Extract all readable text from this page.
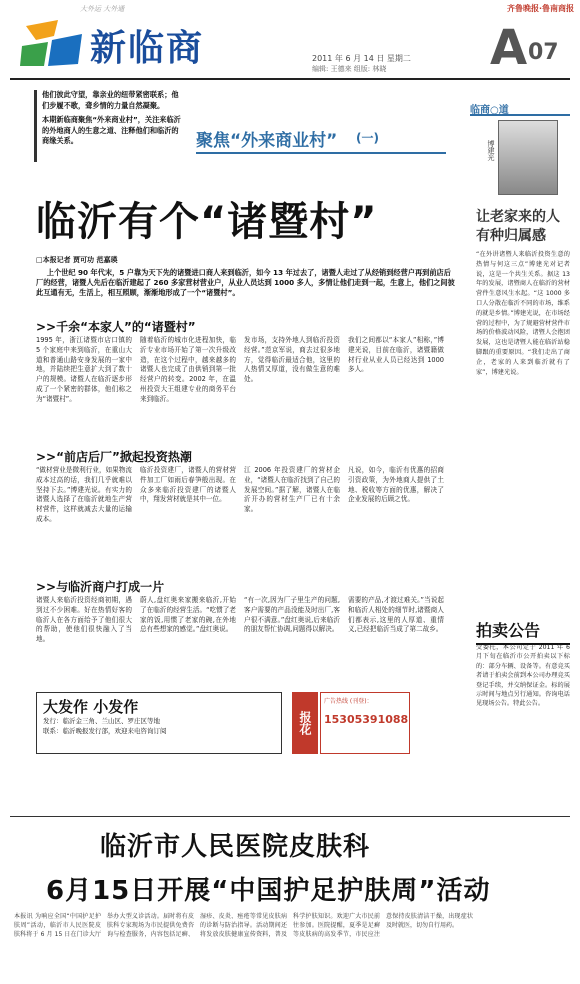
大外运 大外通
新临商
齐鲁晚报·鲁南商报
2011 年 6 月 14 日 星期二
编辑: 王德来 组版: 林晓 A 07

他们彼此守望，靠亲业的纽带紧密联系；他们步履不歌，聋乡情的力量自然凝聚。

本期新临商聚焦“外来商业村”，关注来临沂的外地商人的生意之道、注释他们和临沂的商缘关系。	聚焦“外来商业村” (一)
临沂有个“诸暨村”
□本报记者 贾可功 范嘉瑛

上个世纪 90 年代末，5 户靠为天下先的诸暨进口商人来到临沂，如今 13 年过去了，诸暨人走过了从经销到经营户再到前店后厂的经营，诸暨人先后在临沂建起了 260 多家营材营业户，从业人员达到 1000 多人，多情让他们走到一起，生意上，他们之间彼此互通有无，生活上，相互照顾，渐渐地形成了一个“诸暨村”。

>>千余“本家人”的“诸暨村”
1995 年，浙江诸暨市店口镇的 5 个家庭中来到临沂，在重山大道和普通山路安身发展的一家中地，并陆续把生意扩大到了数十户的规模。诸暨人在临沂逐步形成了一个紧密的群体，他们称之为“诸暨村”。
随着临沂的城市化进程加快，临沂专业市场开始了第一次升级改造，在这个过程中，越来越多的诸暨人也完成了由供销到第一批经营户的转变。2002 年，在温州投资大王组建专业的商务平台来到临沂。
发市场，支持外地人到临沂投资经营。”范京军说，商去过很多地方，觉得临沂最适合他，这里的人热情又厚道，没有做生意的难处。
我们之间都以“本家人”相称，”博建光说，目前在临沂，诸暨籍做材行业从业人员已经达到 1000 多人。
>>“前店后厂”掀起投资热潮
“做材营业是微利行业，如果物流成本过高的话，我们几乎就难以坚持下去。”博建光说。有实力的诸暨人选择了在临沂就地生产营材营件，这样就减去大量的运输成本。
临沂投资建厂，诸暨人的营材营件加工厂如雨后春笋般出现。在众多来临沂投资建厂的诸暨人中，翔发营材就是其中一位。
江 2006 年投资建厂的营材企业，“诸暨人在临沂找到了自己的发展空间。”据了解，诸暨人在临沂开办的营材生产厂已有十余家。
凡说，如今，临沂有优惠的招商引资政策，为外地商人提供了土地、税收等方面的优惠，解决了企业发展的后顾之忧。
>>与临沂商户打成一片
诸暨人来临沂投资经商初期，遇到过不少困难。好在热情好客的临沂人在各方面给予了他们很大的帮助，使他们很快融入了当地。
蔚人,盘红奥来家搬来临沂,开始了在临沂的经营生活。“吃惯了老家的饭,用惯了老家的碗,在外地总有些想家的感觉。”盘红奥说。
“有一次,因为厂子里生产的问题,客户需要的产品没能及时出厂,客户很不满意。”盘红奥说,后来临沂的朋友帮忙协调,问题得以解决。
需要的产品,才渡过难关。”当说起和临沂人相处的细节时,诸暨商人们都表示,这里的人厚道、重情义,已经把临沂当成了第二故乡。
大发作 小发作
发行：临沂金三角、兰山区、罗庄区等地
联系：临沂晚报发行部，欢迎来电咨询订阅	报花
广告热线 (刊登)：
15305391088
临商○道
博建光
让老家来的人有种归属感
“在外讲诸暨人来临沂投资生意的热情与何这三点”博建光对记者说，这是一个共生关系。据这 13 年的发展，诸暨商人在临沂的营材营件生意风生水起。“这 1000 多口人分散在临沂不同的市场，维系的就是乡情。”博建光说，在市场经营的过程中，为了规避营材营件市场的价格波动风险，诸暨人会抱团发展，这也是诸暨人能在临沂站稳脚跟的重要原因。“我们走出了商企，老家的人来到临沂就有了家”，博建光说。
拍卖公告
受委托，本公司定于 2011 年 6 月下旬在临沂市公开拍卖以下标的：部分车辆、设备等。有意竞买者请于拍卖会前到本公司办理竞买登记手续，并交纳保证金。标的展示时间与地点另行通知。咨询电话见现场公告。特此公告。
临沂市人民医院皮肤科
6月15日开展“中国护足护肤周”活动
本报讯 为响应全国“中国护足护肤周”活动，临沂市人民医院皮肤科将于 6 月 15 日在门诊大厅举办大型义诊活动。届时将有皮肤科专家现场为市民提供免费咨询与检查服务，内容包括足癣、湿疹、皮炎、痤疮等常见皮肤病的诊断与防治指导。活动期间还将发放皮肤健康宣传资料，普及科学护肤知识。欢迎广大市民前往参加。医院提醒，夏季是足癣等皮肤病的高发季节，市民应注意保持皮肤清洁干燥，出现症状及时就医，切勿自行用药。
